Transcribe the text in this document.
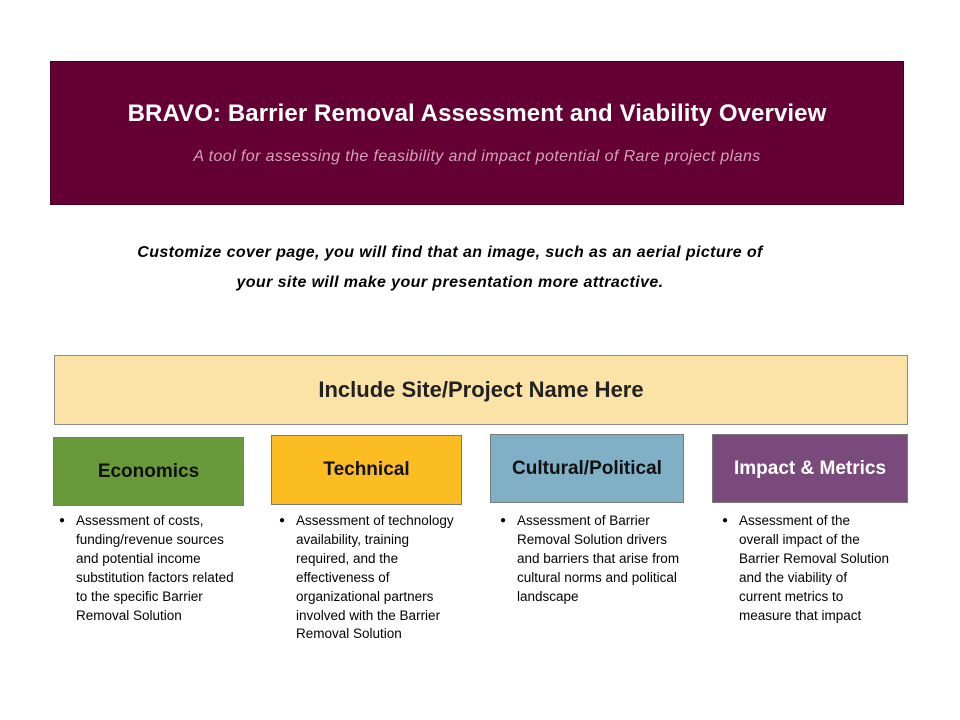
BRAVO: Barrier Removal Assessment and Viability Overview
A tool for assessing the feasibility and impact potential of Rare project plans
Customize cover page, you will find that an image, such as an aerial picture of your site will make your presentation more attractive.
Include Site/Project Name Here
Economics	Technical	Cultural/Political	Impact & Metrics
● Assessment of costs, funding/revenue sources and potential income substitution factors related to the specific Barrier Removal Solution
● Assessment of technology availability, training required, and the effectiveness of organizational partners involved with the Barrier Removal Solution
● Assessment of Barrier Removal Solution drivers and barriers that arise from cultural norms and political landscape
● Assessment of the overall impact of the Barrier Removal Solution and the viability of current metrics to measure that impact
